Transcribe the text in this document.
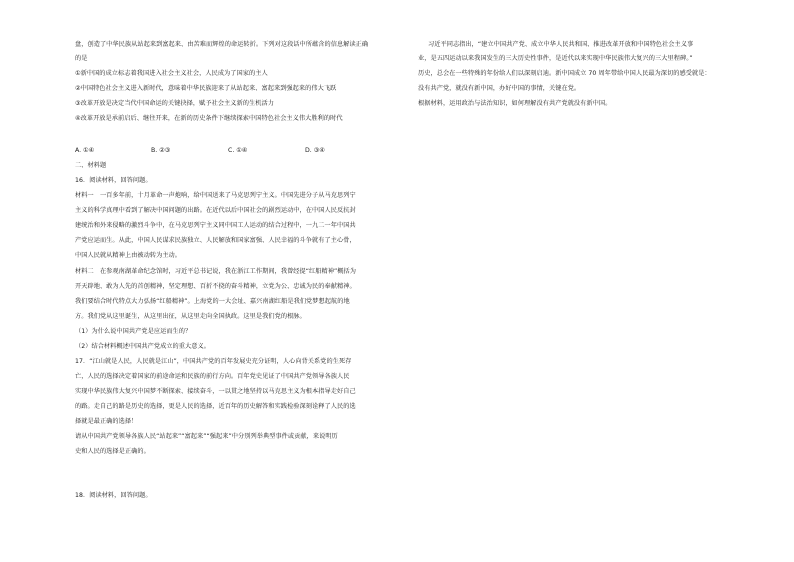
盘，创造了中华民族从站起来到富起来、由苦难而辉煌的命运转折。下列对这段话中所蕴含的信息解读正确
的是
①新中国的成立标志着我国进入社会主义社会，人民成为了国家的主人
②中国特色社会主义进入新时代，意味着中华民族迎来了从站起来、富起来到强起来的伟大飞跃
③改革开放是决定当代中国命运的关键抉择，赋予社会主义新的生机活力
④改革开放是承前启后、继往开来，在新的历史条件下继续探索中国特色社会主义伟大胜利的时代
A. ①④	B. ②③	C. ①④	D. ③④
二、材料题
16．阅读材料，回答问题。
材料一　一百多年前，十月革命一声炮响，给中国送来了马克思列宁主义。中国先进分子从马克思列宁
主义的科学真理中看到了解决中国问题的出路。在近代以后中国社会的剧烈运动中，在中国人民反抗封
建统治和外来侵略的激烈斗争中，在马克思列宁主义同中国工人运动的结合过程中，一九二一年中国共
产党应运而生。从此，中国人民谋求民族独立、人民解放和国家富强、人民幸福的斗争就有了主心骨，
中国人民就从精神上由被动转为主动。
材料二　在参观南湖革命纪念馆时，习近平总书记说，我在浙江工作期间，我曾经提“红船精神”概括为
开天辟地、敢为人先的首创精神，坚定理想、百折不挠的奋斗精神，立党为公、忠诚为民的奉献精神。
我们要结合时代特点大力弘扬“红船精神”。上海党的一大会址、嘉兴南湖红船是我们党梦想起航的地
方。我们党从这里诞生，从这里出征，从这里走向全国执政。这里是我们党的根脉。
（1）为什么说中国共产党是应运而生的？
（2）结合材料概述中国共产党成立的重大意义。
17．“江山就是人民，人民就是江山”，中国共产党的百年发展史充分证明，人心向背关系党的生死存
亡，人民的选择决定着国家的前途命运和民族的前行方向。百年党史见证了中国共产党领导各族人民
实现中华民族伟大复兴中国梦不断探索、接续奋斗，一以贯之地坚持以马克思主义为根本指导走好自己
的路。走自己的路是历史的选择，更是人民的选择，近百年的历史解答和实践检验深刻诠释了人民的选
择就是最正确的选择！
请从中国共产党领导各族人民“站起来”“富起来”“强起来”中分别列举典型事件或贡献，来说明历
史和人民的选择是正确的。
18．阅读材料，回答问题。
习近平同志指出，“建立中国共产党、成立中华人民共和国、推进改革开放和中国特色社会主义事
业，是五四运动以来我国发生的三大历史性事件，是近代以来实现中华民族伟大复兴的三大里程碑。”
历史，总会在一些特殊的年份给人们以深刻启迪。新中国成立 70 周年带给中国人民最为深切的感受就是：
没有共产党，就没有新中国，办好中国的事情，关键在党。
根据材料，运用政治与法治知识，如何理解没有共产党就没有新中国。
